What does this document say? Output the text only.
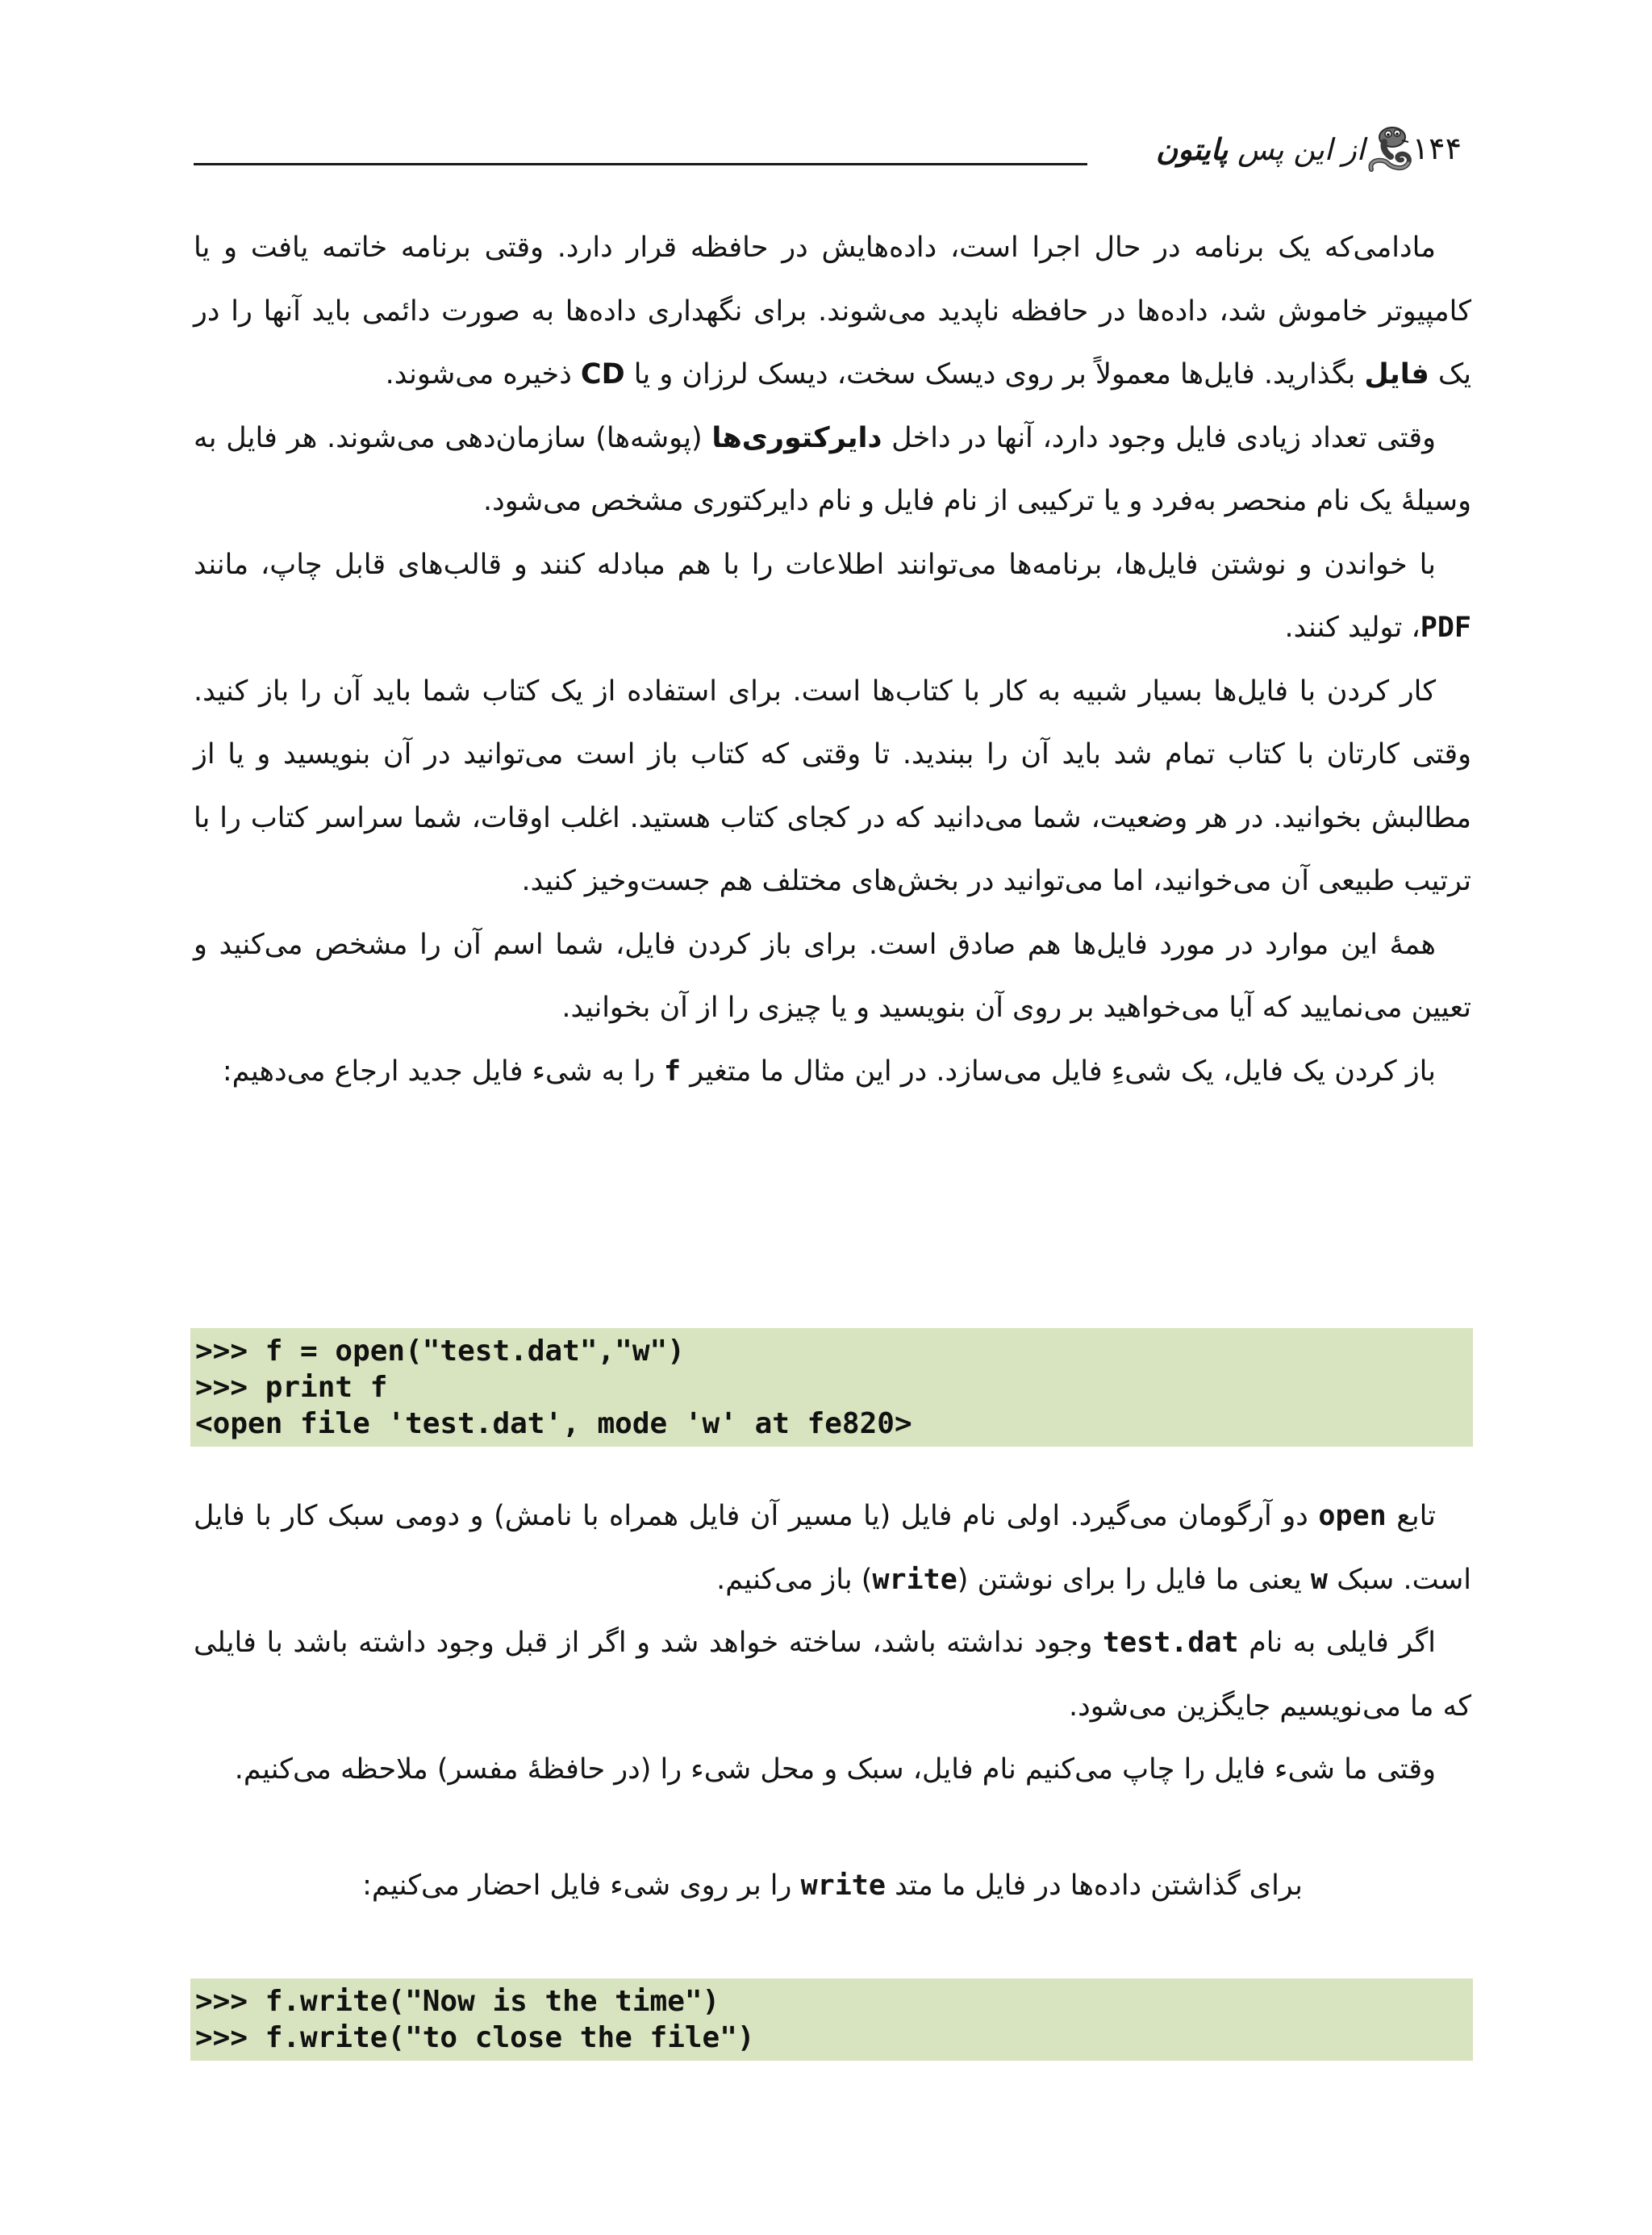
از این پس پایتون	۱۴۴

مادامی‌که یک برنامه در حال اجرا است، داده‌هایش در حافظه قرار دارد. وقتی برنامه خاتمه یافت و یا کامپیوتر خاموش شد، داده‌ها در حافظه ناپدید می‌شوند. برای نگهداری داده‌ها به صورت دائمی باید آنها را در یک فایل بگذارید. فایل‌ها معمولاً بر روی دیسک سخت، دیسک لرزان و یا CD ذخیره می‌شوند.

وقتی تعداد زیادی فایل وجود دارد، آنها در داخل دایرکتوری‌ها (پوشه‌ها) سازمان‌دهی می‌شوند. هر فایل به وسیلهٔ یک نام منحصر به‌فرد و یا ترکیبی از نام فایل و نام دایرکتوری مشخص می‌شود.

با خواندن و نوشتن فایل‌ها، برنامه‌ها می‌توانند اطلاعات را با هم مبادله کنند و قالب‌های قابل چاپ، مانند PDF، تولید کنند.

کار کردن با فایل‌ها بسیار شبیه به کار با کتاب‌ها است. برای استفاده از یک کتاب شما باید آن را باز کنید. وقتی کارتان با کتاب تمام شد باید آن را ببندید. تا وقتی که کتاب باز است می‌توانید در آن بنویسید و یا از مطالبش بخوانید. در هر وضعیت، شما می‌دانید که در کجای کتاب هستید. اغلب اوقات، شما سراسر کتاب را با ترتیب طبیعی آن می‌خوانید، اما می‌توانید در بخش‌های مختلف هم جست‌وخیز کنید.

همهٔ این موارد در مورد فایل‌ها هم صادق است. برای باز کردن فایل، شما اسم آن را مشخص می‌کنید و تعیین می‌نمایید که آیا می‌خواهید بر روی آن بنویسید و یا چیزی را از آن بخوانید.

باز کردن یک فایل، یک شیءِ فایل می‌سازد. در این مثال ما متغیر f را به شیء فایل جدید ارجاع می‌دهیم:

>>> f = open("test.dat","w")
>>> print f
<open file 'test.dat', mode 'w' at fe820>

تابع open دو آرگومان می‌گیرد. اولی نام فایل (یا مسیر آن فایل همراه با نامش) و دومی سبک کار با فایل است. سبک w یعنی ما فایل را برای نوشتن (write) باز می‌کنیم.

اگر فایلی به نام test.dat وجود نداشته باشد، ساخته خواهد شد و اگر از قبل وجود داشته باشد با فایلی که ما می‌نویسیم جایگزین می‌شود.

وقتی ما شیء فایل را چاپ می‌کنیم نام فایل، سبک و محل شیء را (در حافظهٔ مفسر) ملاحظه می‌کنیم.

برای گذاشتن داده‌ها در فایل ما متد write را بر روی شیء فایل احضار می‌کنیم:

>>> f.write("Now is the time")
>>> f.write("to close the file")
